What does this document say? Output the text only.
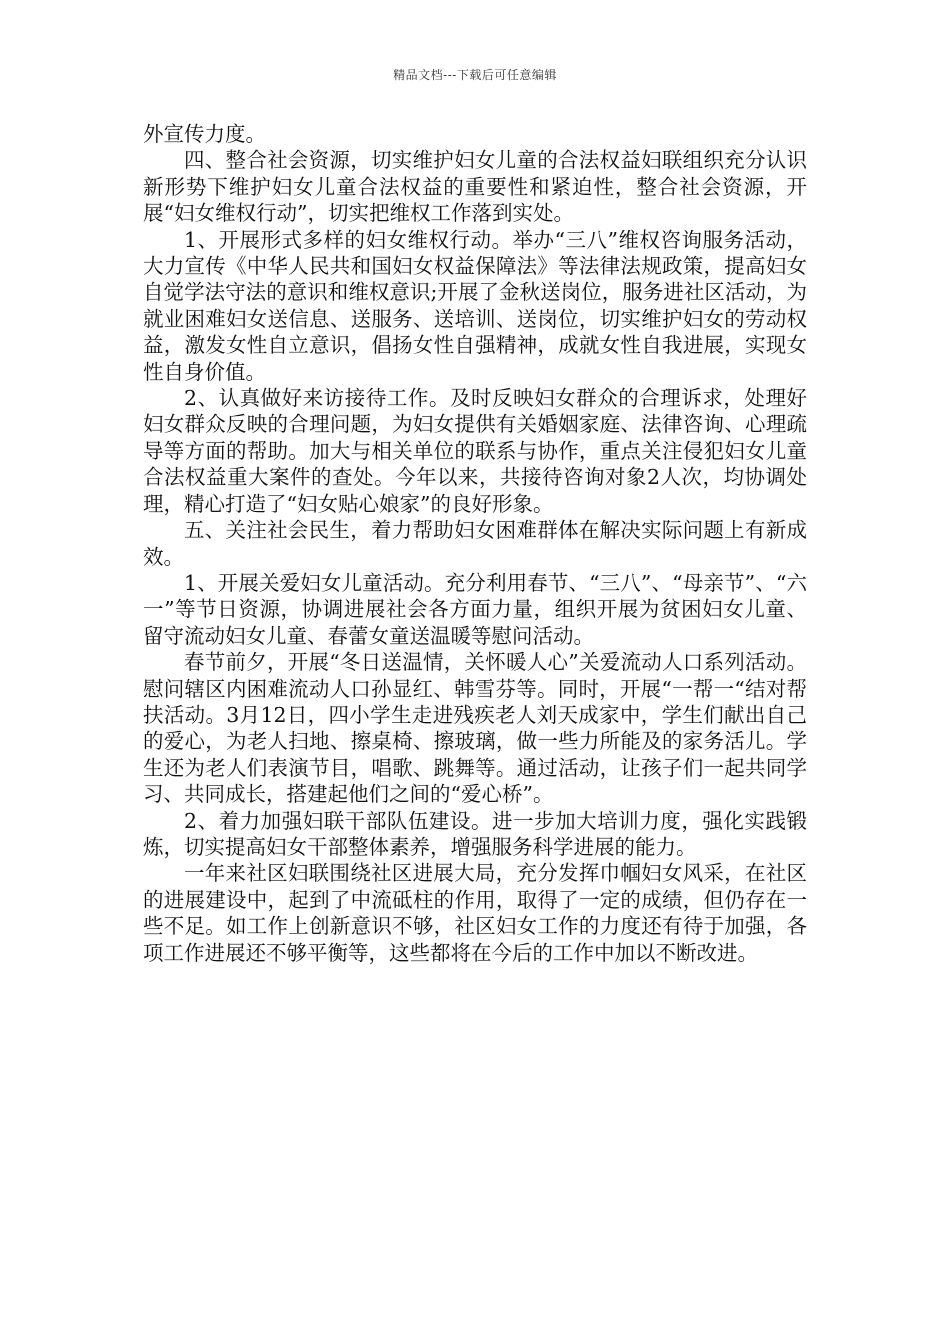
精品文档---下载后可任意编辑

外宣传力度。

四、整合社会资源，切实维护妇女儿童的合法权益妇联组织充分认识新形势下维护妇女儿童合法权益的重要性和紧迫性，整合社会资源，开展“妇女维权行动”，切实把维权工作落到实处。

1、开展形式多样的妇女维权行动。举办“三八”维权咨询服务活动，大力宣传《中华人民共和国妇女权益保障法》等法律法规政策，提高妇女自觉学法守法的意识和维权意识;开展了金秋送岗位，服务进社区活动，为就业困难妇女送信息、送服务、送培训、送岗位，切实维护妇女的劳动权益，激发女性自立意识，倡扬女性自强精神，成就女性自我进展，实现女性自身价值。

2、认真做好来访接待工作。及时反映妇女群众的合理诉求，处理好妇女群众反映的合理问题，为妇女提供有关婚姻家庭、法律咨询、心理疏导等方面的帮助。加大与相关单位的联系与协作，重点关注侵犯妇女儿童合法权益重大案件的查处。今年以来，共接待咨询对象2人次，均协调处理，精心打造了“妇女贴心娘家”的良好形象。

五、关注社会民生，着力帮助妇女困难群体在解决实际问题上有新成效。

1、开展关爱妇女儿童活动。充分利用春节、“三八”、“母亲节”、“六一”等节日资源，协调进展社会各方面力量，组织开展为贫困妇女儿童、留守流动妇女儿童、春蕾女童送温暖等慰问活动。

春节前夕，开展“冬日送温情，关怀暖人心”关爱流动人口系列活动。慰问辖区内困难流动人口孙显红、韩雪芬等。同时，开展“一帮一“结对帮扶活动。3月12日，四小学生走进残疾老人刘天成家中，学生们献出自己的爱心，为老人扫地、擦桌椅、擦玻璃，做一些力所能及的家务活儿。学生还为老人们表演节目，唱歌、跳舞等。通过活动，让孩子们一起共同学习、共同成长，搭建起他们之间的“爱心桥”。

2、着力加强妇联干部队伍建设。进一步加大培训力度，强化实践锻炼，切实提高妇女干部整体素养，增强服务科学进展的能力。

一年来社区妇联围绕社区进展大局，充分发挥巾帼妇女风采，在社区的进展建设中，起到了中流砥柱的作用，取得了一定的成绩，但仍存在一些不足。如工作上创新意识不够，社区妇女工作的力度还有待于加强，各项工作进展还不够平衡等，这些都将在今后的工作中加以不断改进。
